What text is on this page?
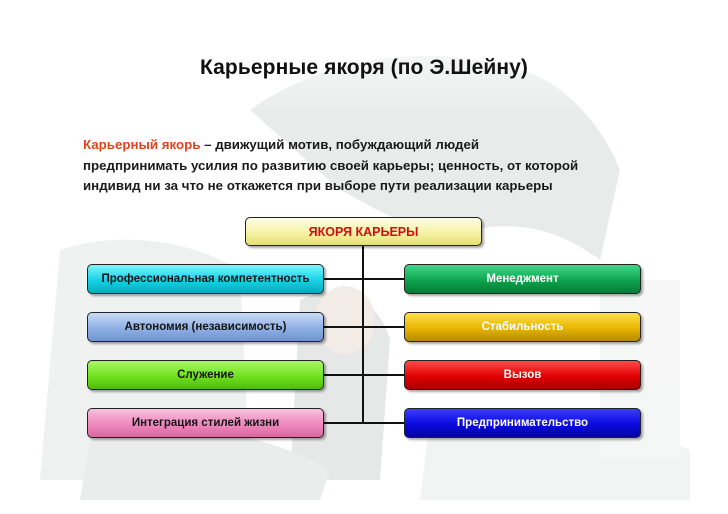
Карьерные якоря (по Э.Шейну)
Карьерный якорь – движущий мотив, побуждающий людей
предпринимать усилия по развитию своей карьеры; ценность, от которой
индивид ни за что не откажется при выборе пути реализации карьеры
ЯКОРЯ КАРЬЕРЫ
Профессиональная компетентность
Автономия (независимость)
Служение
Интеграция стилей жизни
Менеджмент
Стабильность
Вызов
Предпринимательство
